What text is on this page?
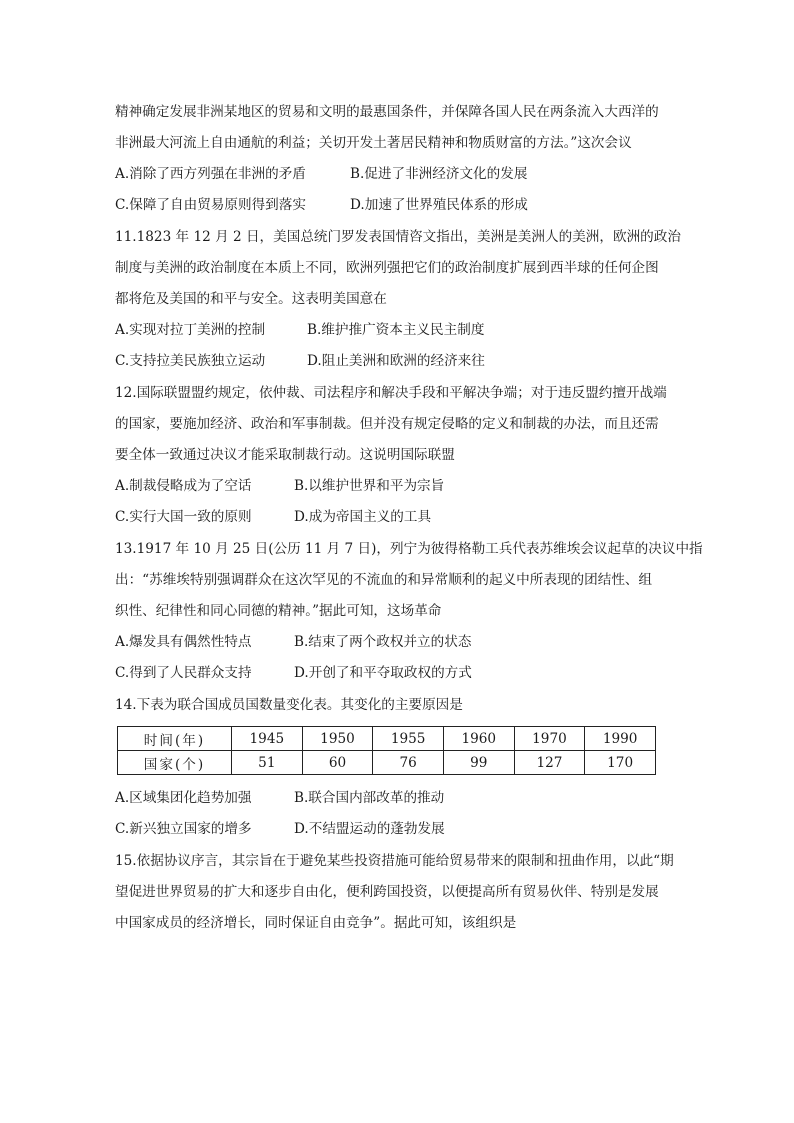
精神确定发展非洲某地区的贸易和文明的最惠国条件，并保障各国人民在两条流入大西洋的
非洲最大河流上自由通航的利益；关切开发土著居民精神和物质财富的方法。”这次会议
A.消除了西方列强在非洲的矛盾	B.促进了非洲经济文化的发展
C.保障了自由贸易原则得到落实	D.加速了世界殖民体系的形成
11.1823 年 12 月 2 日，美国总统门罗发表国情咨文指出，美洲是美洲人的美洲，欧洲的政治
制度与美洲的政治制度在本质上不同，欧洲列强把它们的政治制度扩展到西半球的任何企图
都将危及美国的和平与安全。这表明美国意在
A.实现对拉丁美洲的控制	B.维护推广资本主义民主制度
C.支持拉美民族独立运动	D.阻止美洲和欧洲的经济来往
12.国际联盟盟约规定，依仲裁、司法程序和解决手段和平解决争端；对于违反盟约擅开战端
的国家，要施加经济、政治和军事制裁。但并没有规定侵略的定义和制裁的办法，而且还需
要全体一致通过决议才能采取制裁行动。这说明国际联盟
A.制裁侵略成为了空话	B.以维护世界和平为宗旨
C.实行大国一致的原则	D.成为帝国主义的工具
13.1917 年 10 月 25 日(公历 11 月 7 日)，列宁为彼得格勒工兵代表苏维埃会议起草的决议中指
出：“苏维埃特别强调群众在这次罕见的不流血的和异常顺利的起义中所表现的团结性、组
织性、纪律性和同心同德的精神。”据此可知，这场革命
A.爆发具有偶然性特点	B.结束了两个政权并立的状态
C.得到了人民群众支持	D.开创了和平夺取政权的方式
14.下表为联合国成员国数量变化表。其变化的主要原因是
时间(年)	1945	1950	1955	1960	1970	1990
国家(个)	51	60	76	99	127	170
A.区域集团化趋势加强	B.联合国内部改革的推动
C.新兴独立国家的增多	D.不结盟运动的蓬勃发展
15.依据协议序言，其宗旨在于避免某些投资措施可能给贸易带来的限制和扭曲作用，以此“期
望促进世界贸易的扩大和逐步自由化，便利跨国投资，以便提高所有贸易伙伴、特别是发展
中国家成员的经济增长，同时保证自由竞争”。据此可知，该组织是
